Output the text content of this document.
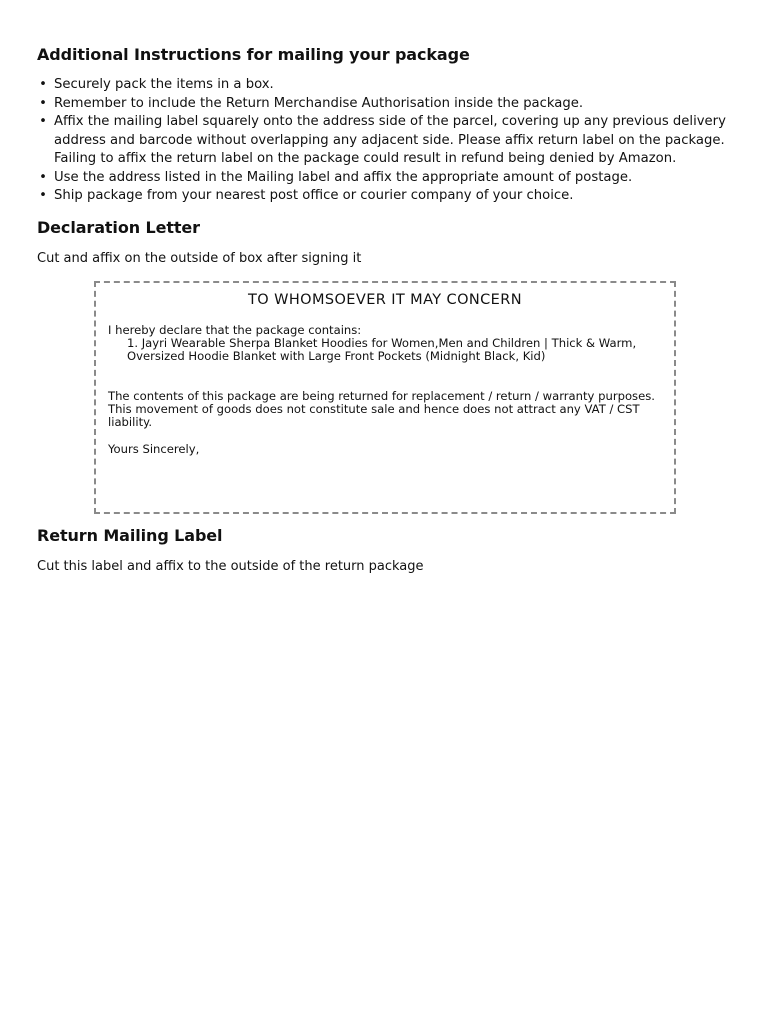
Additional Instructions for mailing your package
• Securely pack the items in a box.
• Remember to include the Return Merchandise Authorisation inside the package.
• Affix the mailing label squarely onto the address side of the parcel, covering up any previous delivery address and barcode without overlapping any adjacent side. Please affix return label on the package. Failing to affix the return label on the package could result in refund being denied by Amazon.
• Use the address listed in the Mailing label and affix the appropriate amount of postage.
• Ship package from your nearest post office or courier company of your choice.
Declaration Letter
Cut and affix on the outside of box after signing it
TO WHOMSOEVER IT MAY CONCERN
I hereby declare that the package contains:
1. Jayri Wearable Sherpa Blanket Hoodies for Women,Men and Children | Thick & Warm, Oversized Hoodie Blanket with Large Front Pockets (Midnight Black, Kid)
The contents of this package are being returned for replacement / return / warranty purposes. This movement of goods does not constitute sale and hence does not attract any VAT / CST liability.
Yours Sincerely,
Return Mailing Label
Cut this label and affix to the outside of the return package
